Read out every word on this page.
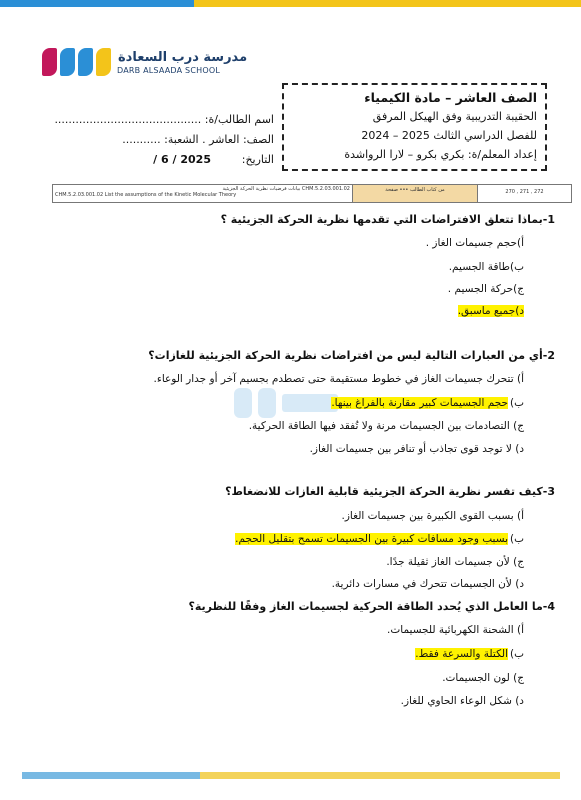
مدرسة درب السعادة
DARB ALSAADA SCHOOL
الصف العاشر – مادة الكيمياء
الحقيبة التدريبية وفق الهيكل المرفق
للفصل الدراسي الثالث 2025 – 2024
إعداد المعلم/ة: بكري بكرو – لارا الرواشدة
اسم الطالب/ة: ..........................................
الصف: العاشر . الشعبة: ...........
التاريخ:
2025 / 6 /
CHM.5.2.03.001.02 بيانات فرضيات نظرية الحركة الجزيئية
CHM.5.2.03.001.02 List the assumptions of the Kinetic Molecular Theory
من كتاب الطالب ••• صفحة	270 , 271 , 272
1-بماذا تتعلق الافتراضات التي تقدمها نظرية الحركة الجزيئية ؟
أ)حجم جسيمات الغاز .
ب)طاقة الجسيم.
ج)حركة الجسيم .
د)جميع ماسبق.
2-أي من العبارات التالية ليس من افتراضات نظرية الحركة الجزيئية للغازات؟
أ) تتحرك جسيمات الغاز في خطوط مستقيمة حتى تصطدم بجسيم آخر أو جدار الوعاء.
ب)
حجم الجسيمات كبير مقارنة بالفراغ بينها.
ج) التصادمات بين الجسيمات مرنة ولا تُفقد فيها الطاقة الحركية.
د) لا توجد قوى تجاذب أو تنافر بين جسيمات الغاز.
3-كيف تفسر نظرية الحركة الجزيئية قابلية الغازات للانضغاط؟
أ) بسبب القوى الكبيرة بين جسيمات الغاز.
ب)
بسبب وجود مسافات كبيرة بين الجسيمات تسمح بتقليل الحجم.
ج) لأن جسيمات الغاز ثقيلة جدًا.
د) لأن الجسيمات تتحرك في مسارات دائرية.
4-ما العامل الذي يُحدد الطاقة الحركية لجسيمات الغاز وفقًا للنظرية؟
أ) الشحنة الكهربائية للجسيمات.
ب)
الكتلة والسرعة فقط.
ج) لون الجسيمات.
د) شكل الوعاء الحاوي للغاز.
